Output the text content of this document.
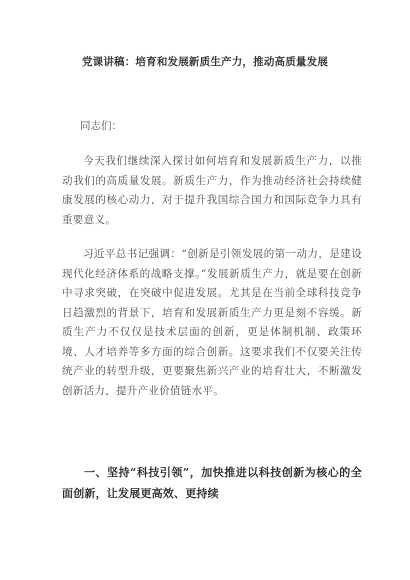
党课讲稿：培育和发展新质生产力，推动高质量发展
同志们：
今天我们继续深入探讨如何培育和发展新质生产力，以推动我们的高质量发展。新质生产力，作为推动经济社会持续健康发展的核心动力，对于提升我国综合国力和国际竞争力具有重要意义。
习近平总书记强调：“创新是引领发展的第一动力，是建设现代化经济体系的战略支撑。”发展新质生产力，就是要在创新中寻求突破，在突破中促进发展。尤其是在当前全球科技竞争日趋激烈的背景下，培育和发展新质生产力更是刻不容缓。新质生产力不仅仅是技术层面的创新，更是体制机制、政策环境、人才培养等多方面的综合创新。这要求我们不仅要关注传统产业的转型升级，更要聚焦新兴产业的培育壮大，不断激发创新活力，提升产业价值链水平。
一、坚持“科技引领”，加快推进以科技创新为核心的全面创新，让发展更高效、更持续
